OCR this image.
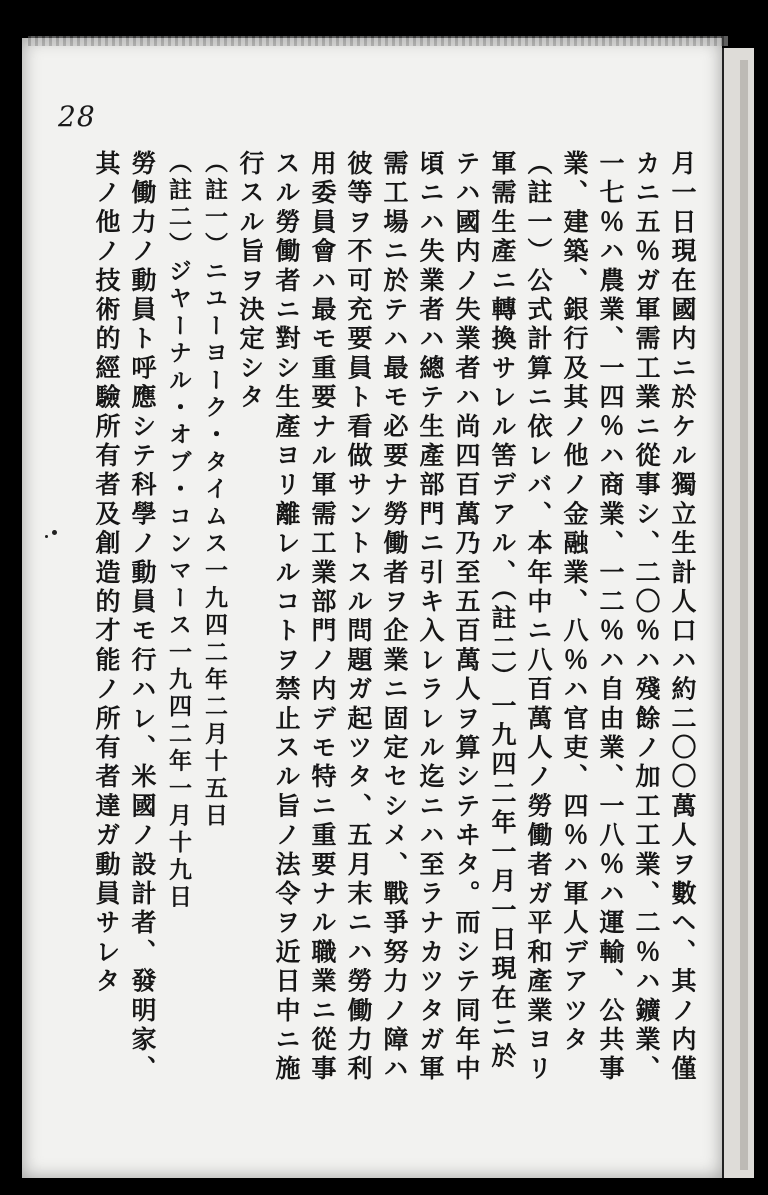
28
月一日現在國内ニ於ケル獨立生計人口ハ約二〇〇萬人ヲ數ヘ、其ノ内僅
カニ五％ガ軍需工業ニ從事シ、二〇％ハ殘餘ノ加工工業、二％ハ鑛業、
一七％ハ農業、一四％ハ商業、一二％ハ自由業、一八％ハ運輸、公共事
業、建築、銀行及其ノ他ノ金融業、八％ハ官吏、四％ハ軍人デアツタ
（註一）公式計算ニ依レバ、本年中ニ八百萬人ノ勞働者ガ平和產業ヨリ
軍需生產ニ轉換サレル筈デアル、（註二）一九四二年一月一日現在ニ於
テハ國内ノ失業者ハ尚四百萬乃至五百萬人ヲ算シテヰタ。而シテ同年中
頃ニハ失業者ハ總テ生產部門ニ引キ入レラレル迄ニハ至ラナカツタガ軍
需工場ニ於テハ最モ必要ナ勞働者ヲ企業ニ固定セシメ、戰爭努力ノ障ハ
彼等ヲ不可充要員ト看做サントスル問題ガ起ツタ、五月末ニハ勞働力利
用委員會ハ最モ重要ナル軍需工業部門ノ内デモ特ニ重要ナル職業ニ從事
スル勞働者ニ對シ生產ヨリ離レルコトヲ禁止スル旨ノ法令ヲ近日中ニ施
行スル旨ヲ決定シタ
（註一）ニユーヨーク・タイムス一九四二年二月十五日
（註二）ジヤーナル・オブ・コンマース一九四二年一月十九日
勞働力ノ動員ト呼應シテ科學ノ動員モ行ハレ、米國ノ設計者、發明家、
其ノ他ノ技術的經驗所有者及創造的才能ノ所有者達ガ動員サレタ
